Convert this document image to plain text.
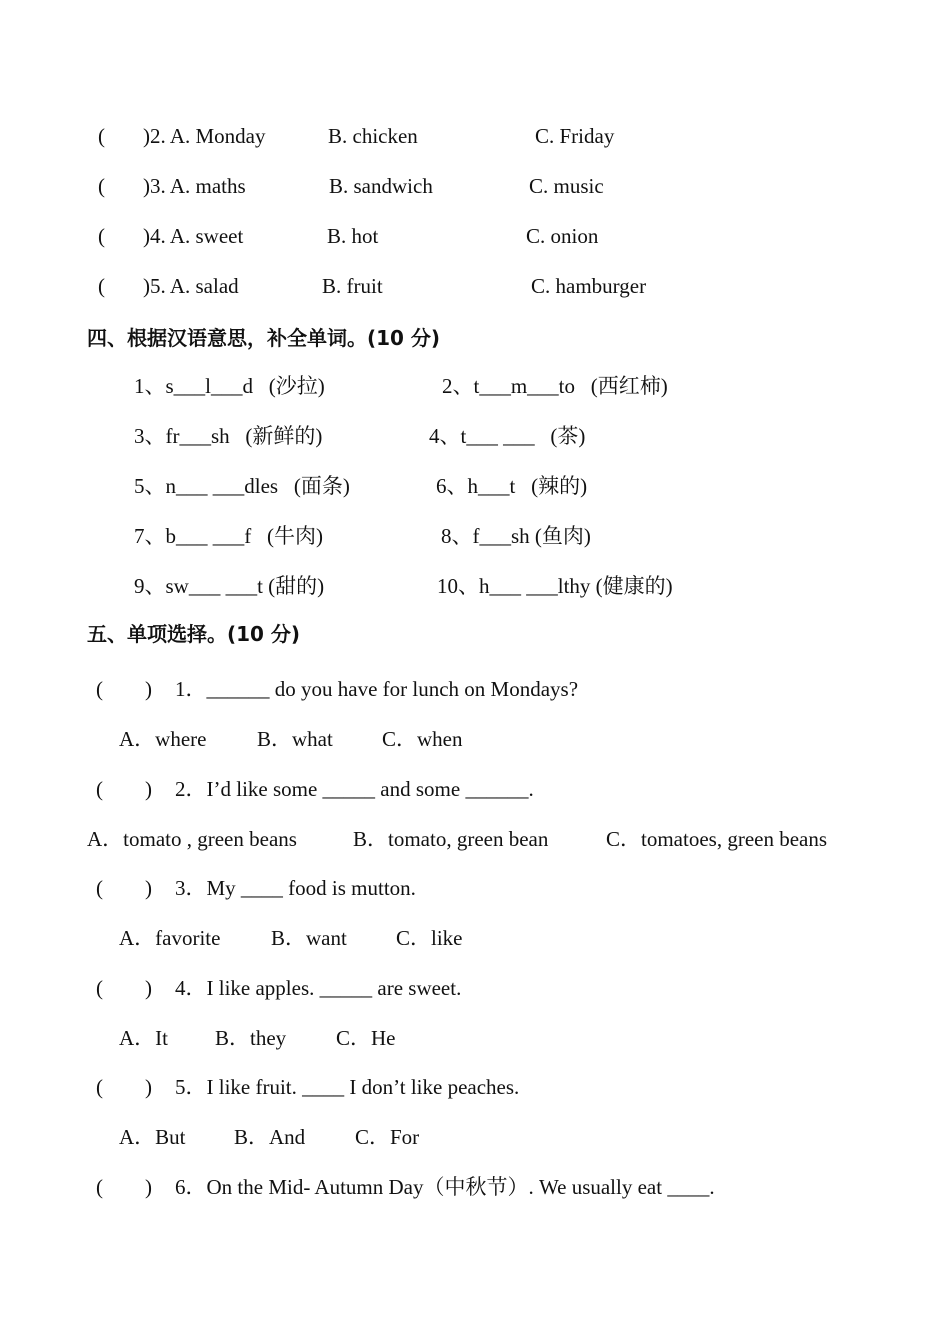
( )2. A. Monday	B. chicken	C. Friday
( )3. A. maths	B. sandwich	C. music
( )4. A. sweet	B. hot	C. onion
( )5. A. salad	B. fruit	C. hamburger
四、根据汉语意思，补全单词。(10 分)
1、s___l___d   (沙拉)	2、t___m___to   (西红柿)
3、fr___sh   (新鲜的)	4、t___ ___   (茶)
5、n___ ___dles   (面条)	6、h___t   (辣的)
7、b___ ___f   (牛肉)	8、f___sh (鱼肉)
9、sw___ ___t (甜的)	10、h___ ___lthy (健康的)
五、单项选择。(10 分)
(        ) 1．______ do you have for lunch on Mondays?
A．where B．what C．when
(        ) 2．I’d like some _____ and some ______.
A．tomato , green beans	B．tomato, green bean	C．tomatoes, green beans
(        ) 3．My ____ food is mutton.
A．favorite B．want C．like
(        ) 4．I like apples. _____ are sweet.
A．It B．they C．He
(        ) 5．I like fruit. ____ I don’t like peaches.
A．But B．And C．For
(        ) 6．On the Mid- Autumn Day（中秋节）. We usually eat ____.
